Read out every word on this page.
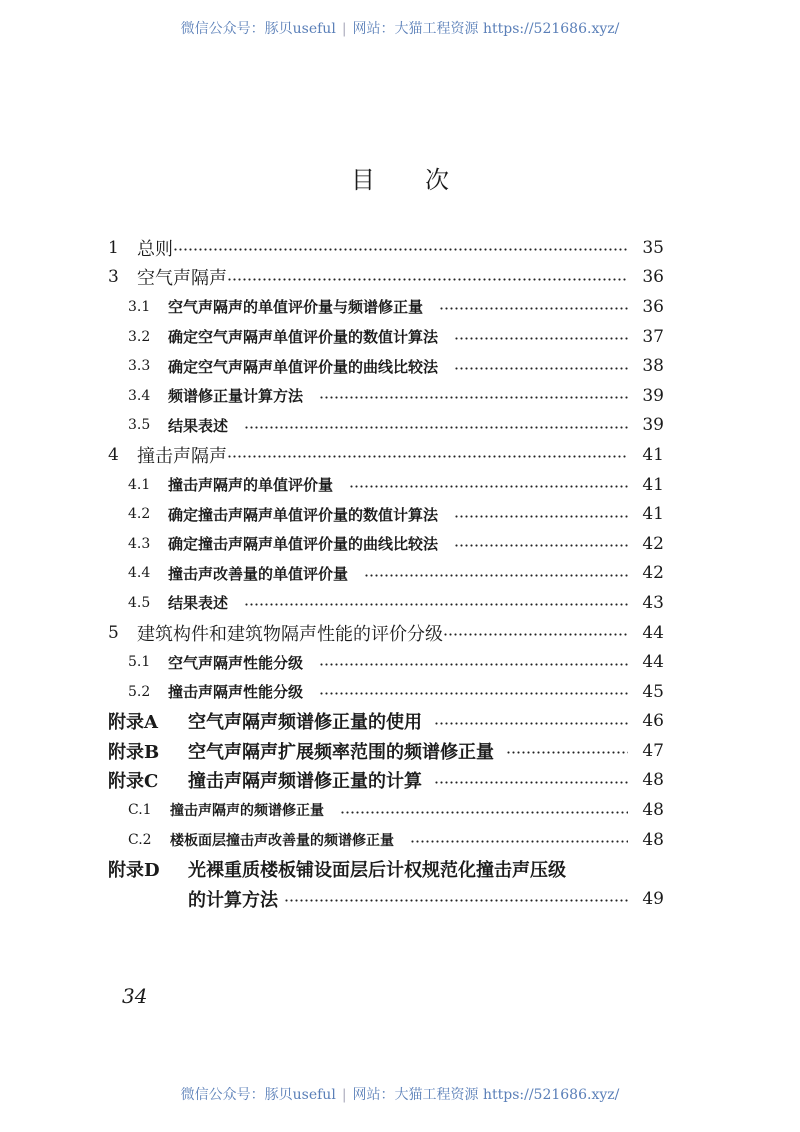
微信公众号：豚贝useful | 网站：大猫工程资源 https://521686.xyz/
目次
1	总则	35
3	空气声隔声	36
3.1	空气声隔声的单值评价量与频谱修正量	36
3.2	确定空气声隔声单值评价量的数值计算法	37
3.3	确定空气声隔声单值评价量的曲线比较法	38
3.4	频谱修正量计算方法	39
3.5	结果表述	39
4	撞击声隔声	41
4.1	撞击声隔声的单值评价量	41
4.2	确定撞击声隔声单值评价量的数值计算法	41
4.3	确定撞击声隔声单值评价量的曲线比较法	42
4.4	撞击声改善量的单值评价量	42
4.5	结果表述	43
5	建筑构件和建筑物隔声性能的评价分级	44
5.1	空气声隔声性能分级	44
5.2	撞击声隔声性能分级	45
附录A	空气声隔声频谱修正量的使用	46
附录B	空气声隔声扩展频率范围的频谱修正量	47
附录C	撞击声隔声频谱修正量的计算	48
C.1	撞击声隔声的频谱修正量	48
C.2	楼板面层撞击声改善量的频谱修正量	48
附录D	光裸重质楼板铺设面层后计权规范化撞击声压级
的计算方法	49
34
微信公众号：豚贝useful | 网站：大猫工程资源 https://521686.xyz/
